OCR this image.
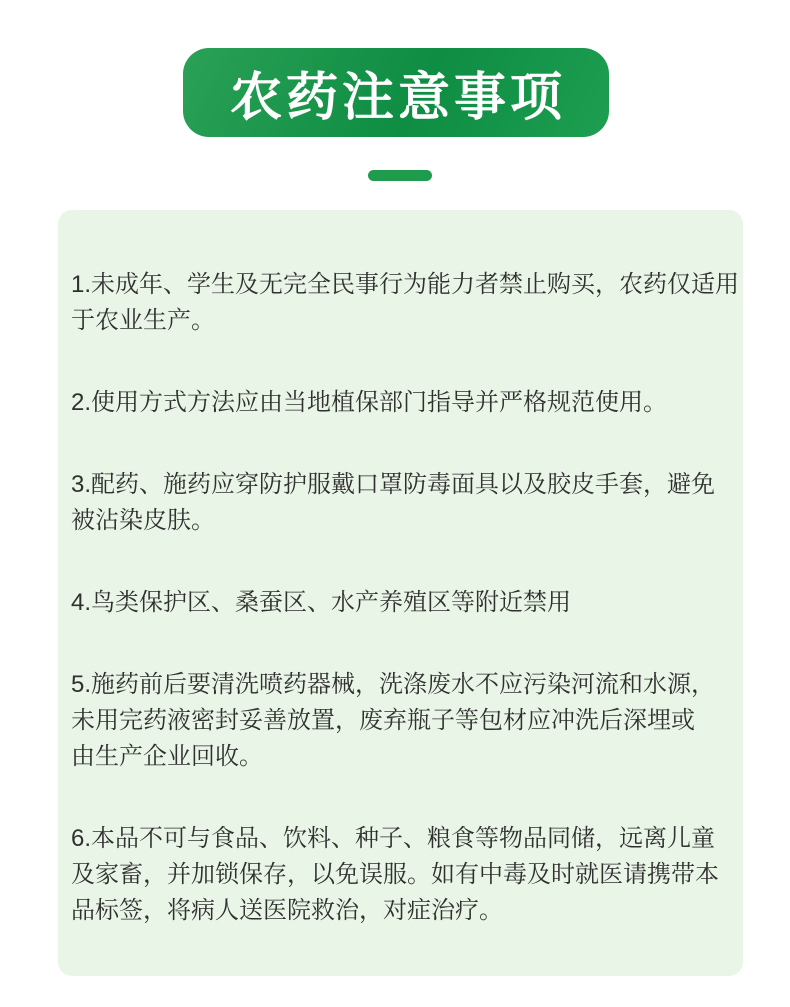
农药注意事项

1.未成年、学生及无完全民事行为能力者禁止购买，农药仅适用
于农业生产。

2.使用方式方法应由当地植保部门指导并严格规范使用。

3.配药、施药应穿防护服戴口罩防毒面具以及胶皮手套，避免
被沾染皮肤。

4.鸟类保护区、桑蚕区、水产养殖区等附近禁用

5.施药前后要清洗喷药器械，洗涤废水不应污染河流和水源，
未用完药液密封妥善放置，废弃瓶子等包材应冲洗后深埋或
由生产企业回收。

6.本品不可与食品、饮料、种子、粮食等物品同储，远离儿童
及家畜，并加锁保存，以免误服。如有中毒及时就医请携带本
品标签，将病人送医院救治，对症治疗。
